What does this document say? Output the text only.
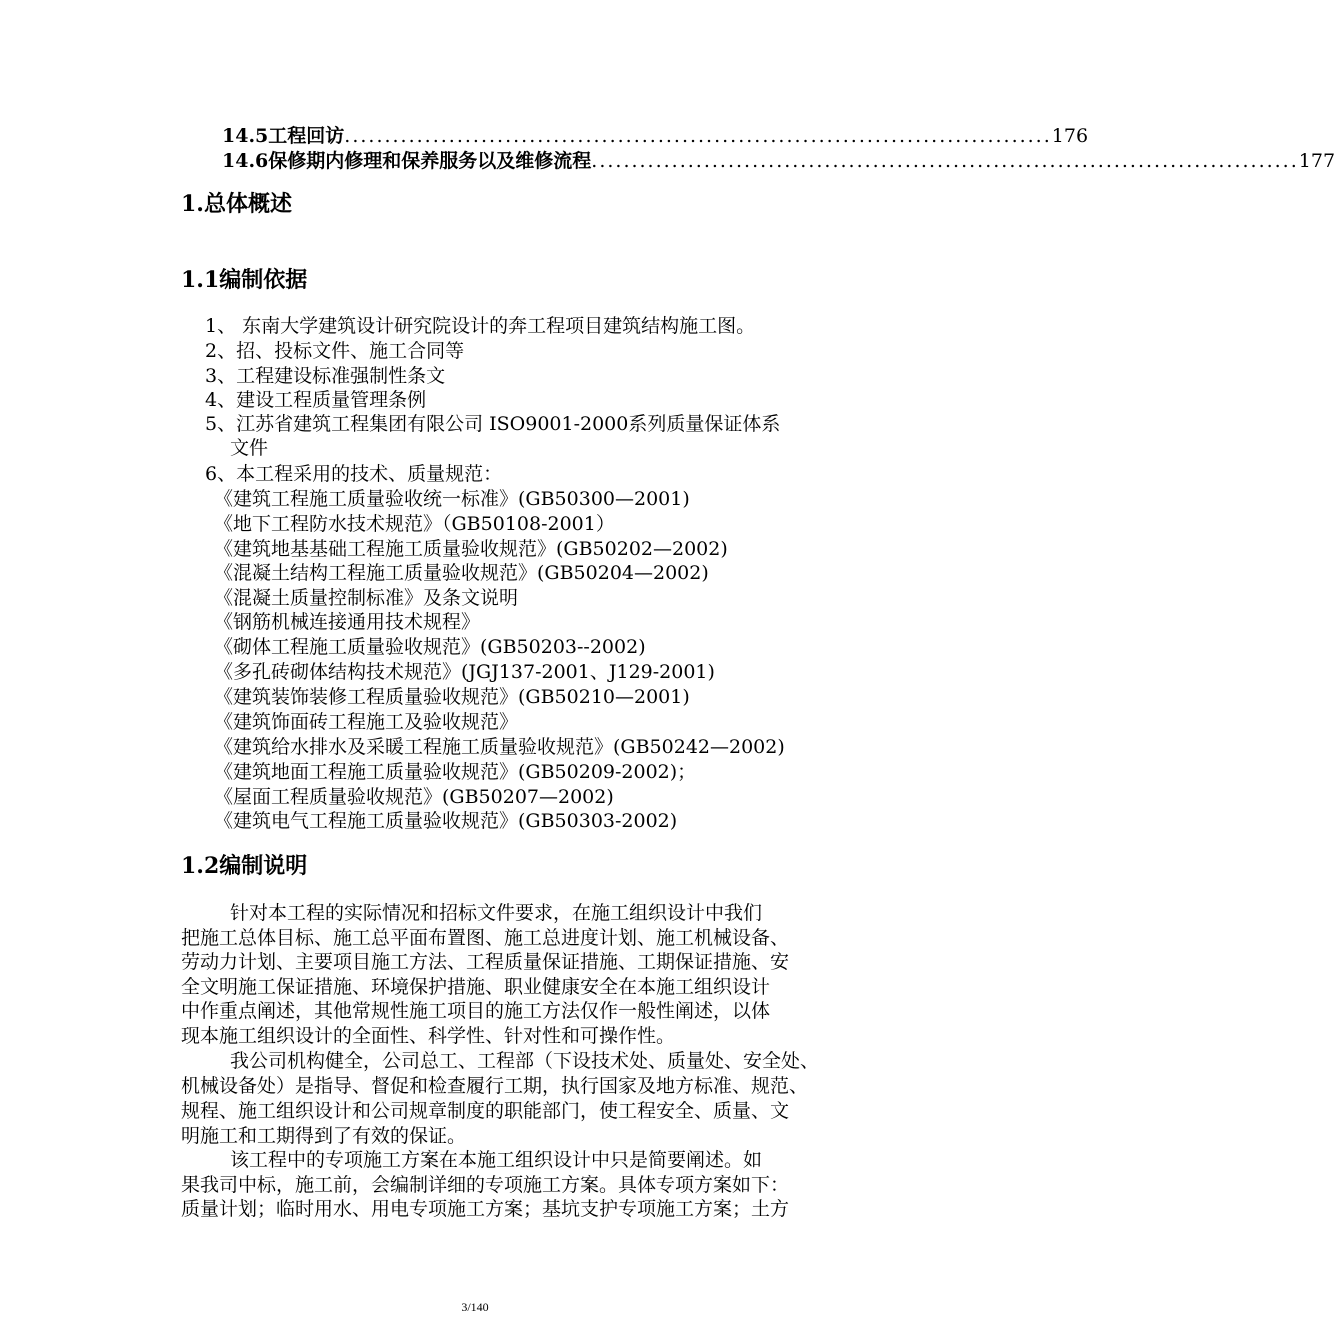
14.5工程回访 ........................................................................................ 176
14.6保修期内修理和保养服务以及维修流程 ........................................................................................ 177
1.总体概述
1.1编制依据
1、 东南大学建筑设计研究院设计的奔工程项目建筑结构施工图。
2、招、投标文件、施工合同等
3、工程建设标准强制性条文
4、建设工程质量管理条例
5、江苏省建筑工程集团有限公司 ISO9001-2000系列质量保证体系
文件
6、本工程采用的技术、质量规范：
《建筑工程施工质量验收统一标准》(GB50300—2001)
《地下工程防水技术规范》（GB50108-2001）
《建筑地基基础工程施工质量验收规范》(GB50202—2002)
《混凝土结构工程施工质量验收规范》(GB50204—2002)
《混凝土质量控制标准》及条文说明
《钢筋机械连接通用技术规程》
《砌体工程施工质量验收规范》(GB50203--2002)
《多孔砖砌体结构技术规范》(JGJ137-2001、J129-2001)
《建筑装饰装修工程质量验收规范》(GB50210—2001)
《建筑饰面砖工程施工及验收规范》
《建筑给水排水及采暖工程施工质量验收规范》(GB50242—2002)
《建筑地面工程施工质量验收规范》(GB50209-2002)；
《屋面工程质量验收规范》(GB50207—2002)
《建筑电气工程施工质量验收规范》(GB50303-2002)
1.2编制说明
针对本工程的实际情况和招标文件要求，在施工组织设计中我们
把施工总体目标、施工总平面布置图、施工总进度计划、施工机械设备、
劳动力计划、主要项目施工方法、工程质量保证措施、工期保证措施、安
全文明施工保证措施、环境保护措施、职业健康安全在本施工组织设计
中作重点阐述，其他常规性施工项目的施工方法仅作一般性阐述，以体
现本施工组织设计的全面性、科学性、针对性和可操作性。
我公司机构健全，公司总工、工程部（下设技术处、质量处、安全处、
机械设备处）是指导、督促和检查履行工期，执行国家及地方标准、规范、
规程、施工组织设计和公司规章制度的职能部门，使工程安全、质量、文
明施工和工期得到了有效的保证。
该工程中的专项施工方案在本施工组织设计中只是简要阐述。如
果我司中标，施工前，会编制详细的专项施工方案。具体专项方案如下：
质量计划；临时用水、用电专项施工方案；基坑支护专项施工方案；土方
3/140
